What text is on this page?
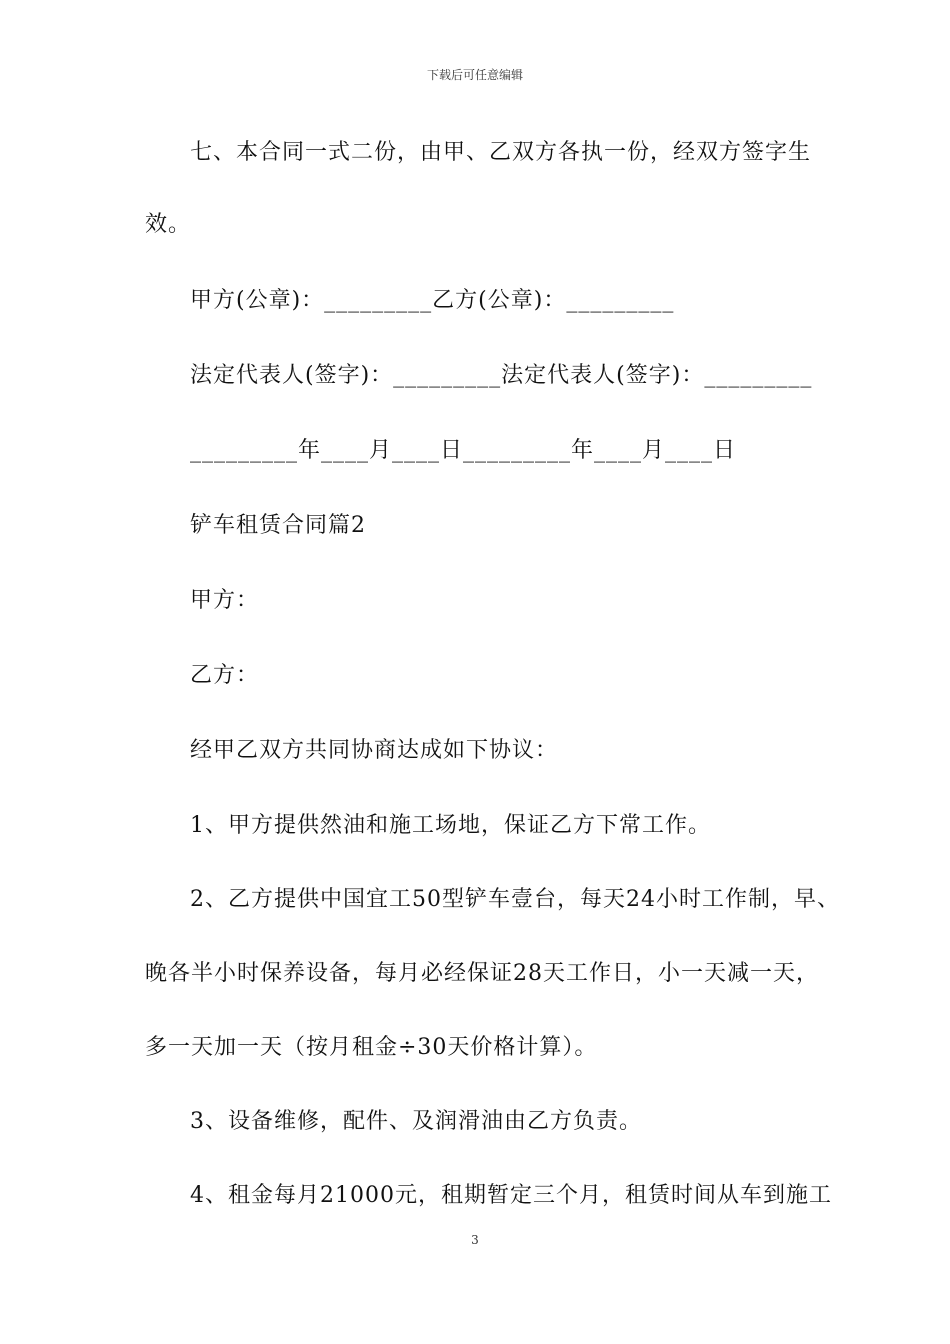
下载后可任意编辑
七、本合同一式二份，由甲、乙双方各执一份，经双方签字生
效。
甲方(公章)：_________乙方(公章)：_________
法定代表人(签字)：_________法定代表人(签字)：_________
_________年____月____日_________年____月____日
铲车租赁合同篇2
甲方：
乙方：
经甲乙双方共同协商达成如下协议：
1、甲方提供然油和施工场地，保证乙方下常工作。
2、乙方提供中国宜工50型铲车壹台，每天24小时工作制，早、
晚各半小时保养设备，每月必经保证28天工作日，小一天减一天，
多一天加一天（按月租金÷30天价格计算）。
3、设备维修，配件、及润滑油由乙方负责。
4、租金每月21000元，租期暂定三个月，租赁时间从车到施工
3
